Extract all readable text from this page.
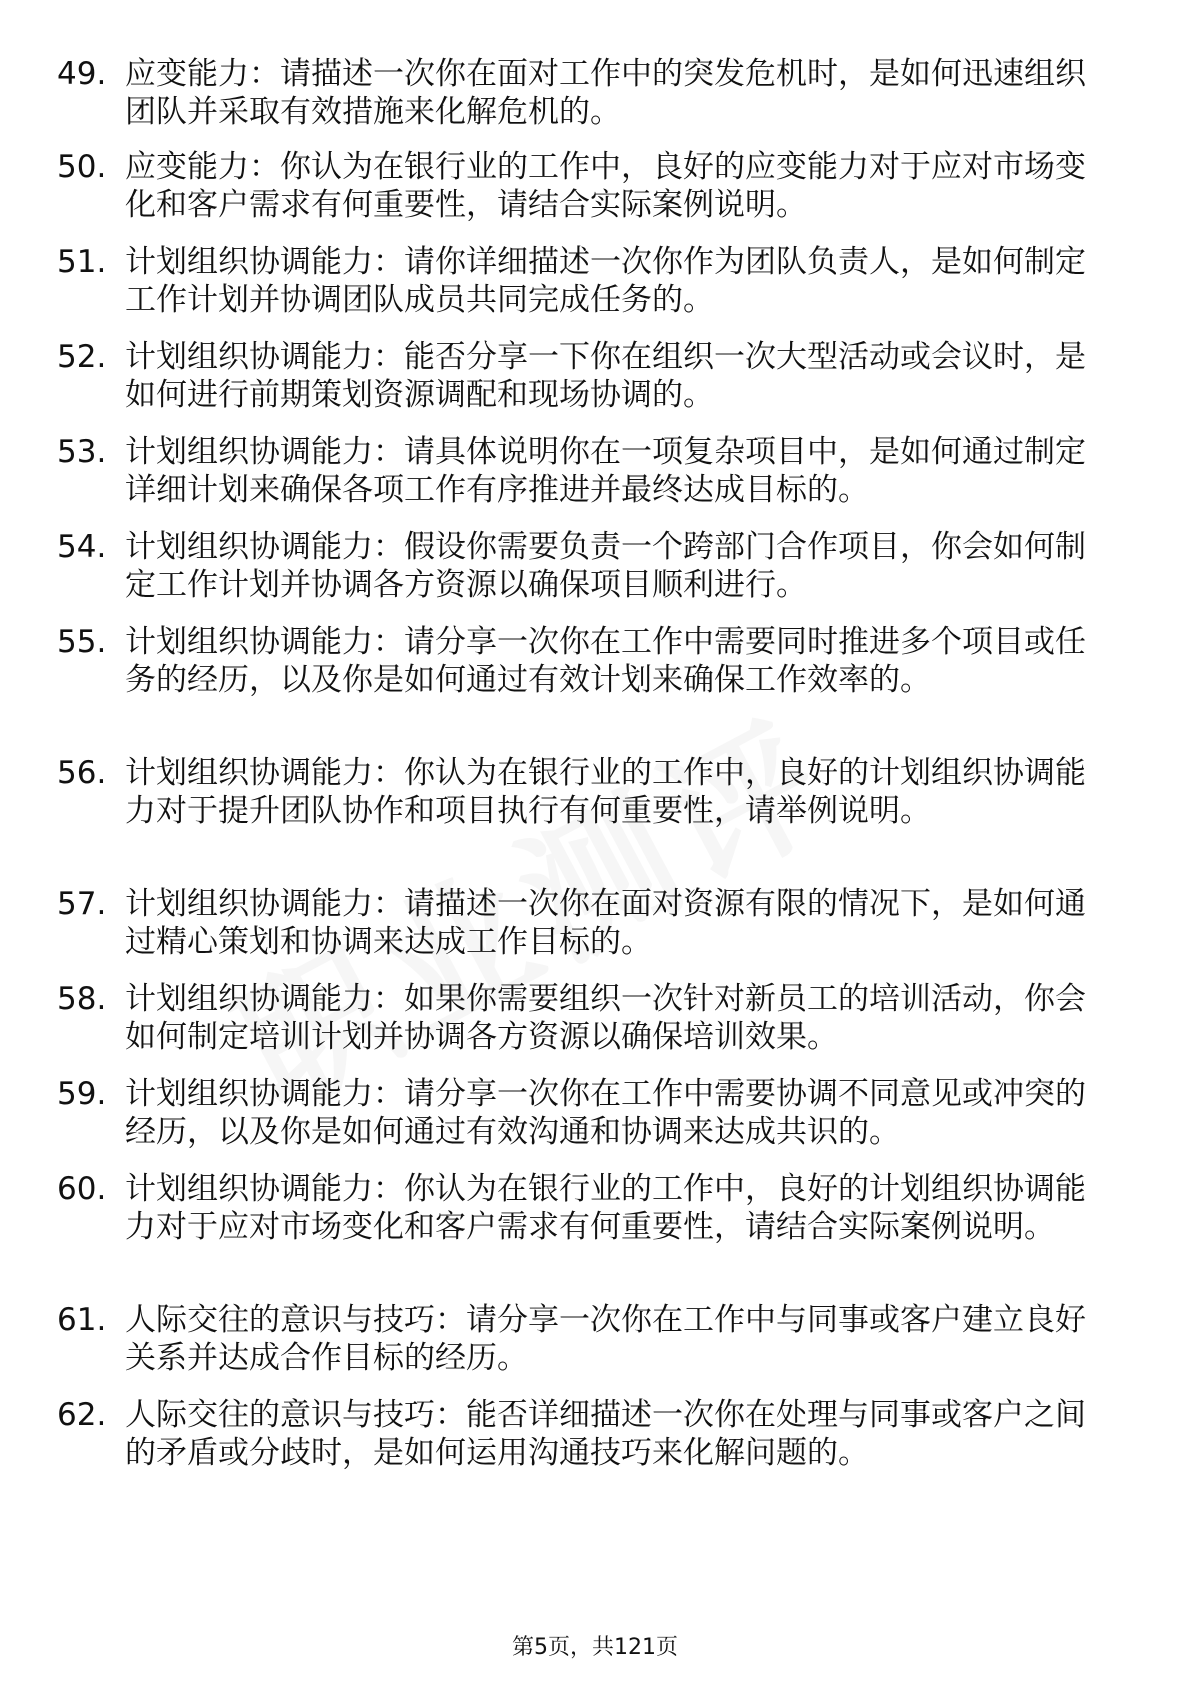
49. 应变能力：请描述一次你在面对工作中的突发危机时，是如何迅速组织团队并采取有效措施来化解危机的。
50. 应变能力：你认为在银行业的工作中，良好的应变能力对于应对市场变化和客户需求有何重要性，请结合实际案例说明。
51. 计划组织协调能力：请你详细描述一次你作为团队负责人，是如何制定工作计划并协调团队成员共同完成任务的。
52. 计划组织协调能力：能否分享一下你在组织一次大型活动或会议时，是如何进行前期策划资源调配和现场协调的。
53. 计划组织协调能力：请具体说明你在一项复杂项目中，是如何通过制定详细计划来确保各项工作有序推进并最终达成目标的。
54. 计划组织协调能力：假设你需要负责一个跨部门合作项目，你会如何制定工作计划并协调各方资源以确保项目顺利进行。
55. 计划组织协调能力：请分享一次你在工作中需要同时推进多个项目或任务的经历，以及你是如何通过有效计划来确保工作效率的。
56. 计划组织协调能力：你认为在银行业的工作中，良好的计划组织协调能力对于提升团队协作和项目执行有何重要性，请举例说明。
57. 计划组织协调能力：请描述一次你在面对资源有限的情况下，是如何通过精心策划和协调来达成工作目标的。
58. 计划组织协调能力：如果你需要组织一次针对新员工的培训活动，你会如何制定培训计划并协调各方资源以确保培训效果。
59. 计划组织协调能力：请分享一次你在工作中需要协调不同意见或冲突的经历，以及你是如何通过有效沟通和协调来达成共识的。
60. 计划组织协调能力：你认为在银行业的工作中，良好的计划组织协调能力对于应对市场变化和客户需求有何重要性，请结合实际案例说明。
61. 人际交往的意识与技巧：请分享一次你在工作中与同事或客户建立良好关系并达成合作目标的经历。
62. 人际交往的意识与技巧：能否详细描述一次你在处理与同事或客户之间的矛盾或分歧时，是如何运用沟通技巧来化解问题的。
第5页，共121页
